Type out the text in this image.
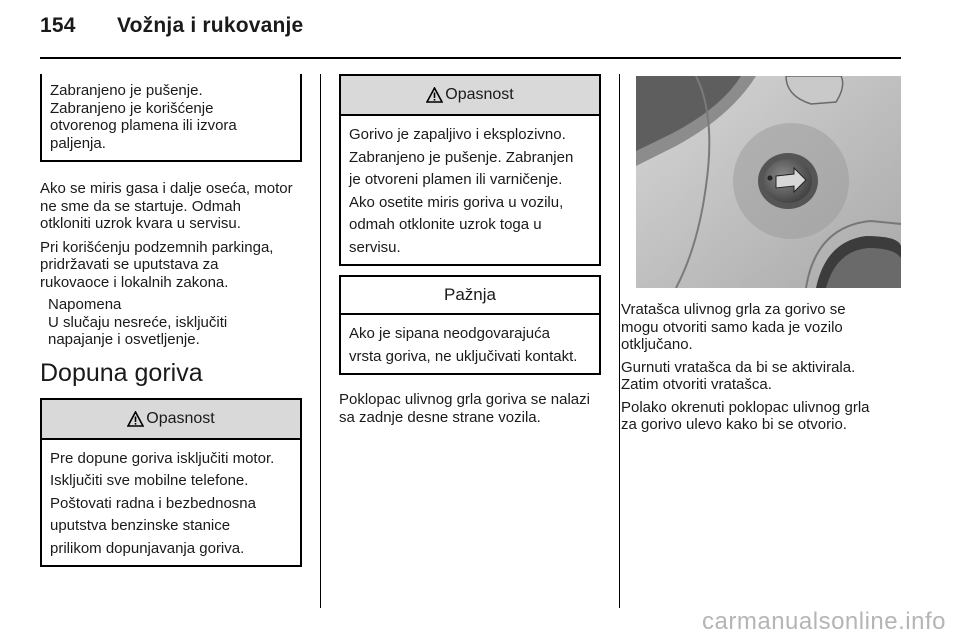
154 Vožnja i rukovanje

Zabranjeno je pušenje.

Zabranjeno je korišćenje

otvorenog plamena ili izvora

paljenja.

Ako se miris gasa i dalje oseća, motor

ne sme da se startuje. Odmah

otkloniti uzrok kvara u servisu.

Pri korišćenju podzemnih parkinga,

pridržavati se uputstava za

rukovaoce i lokalnih zakona.

Napomena

U slučaju nesreće, isključiti

napajanje i osvetljenje.

Dopuna goriva
Opasnost

Pre dopune goriva isključiti motor.

Isključiti sve mobilne telefone.

Poštovati radna i bezbednosna

uputstva benzinske stanice

prilikom dopunjavanja goriva.

Opasnost

Gorivo je zapaljivo i eksplozivno.

Zabranjeno je pušenje. Zabranjen

je otvoreni plamen ili varničenje.

Ako osetite miris goriva u vozilu,

odmah otklonite uzrok toga u

servisu.

Pažnja

Ako je sipana neodgovarajuća

vrsta goriva, ne uključivati kontakt.

Poklopac ulivnog grla goriva se nalazi

sa zadnje desne strane vozila.

Vratašca ulivnog grla za gorivo se

mogu otvoriti samo kada je vozilo

otključano.

Gurnuti vratašca da bi se aktivirala.

Zatim otvoriti vratašca.

Polako okrenuti poklopac ulivnog grla

za gorivo ulevo kako bi se otvorio.

carmanualsonline.info
